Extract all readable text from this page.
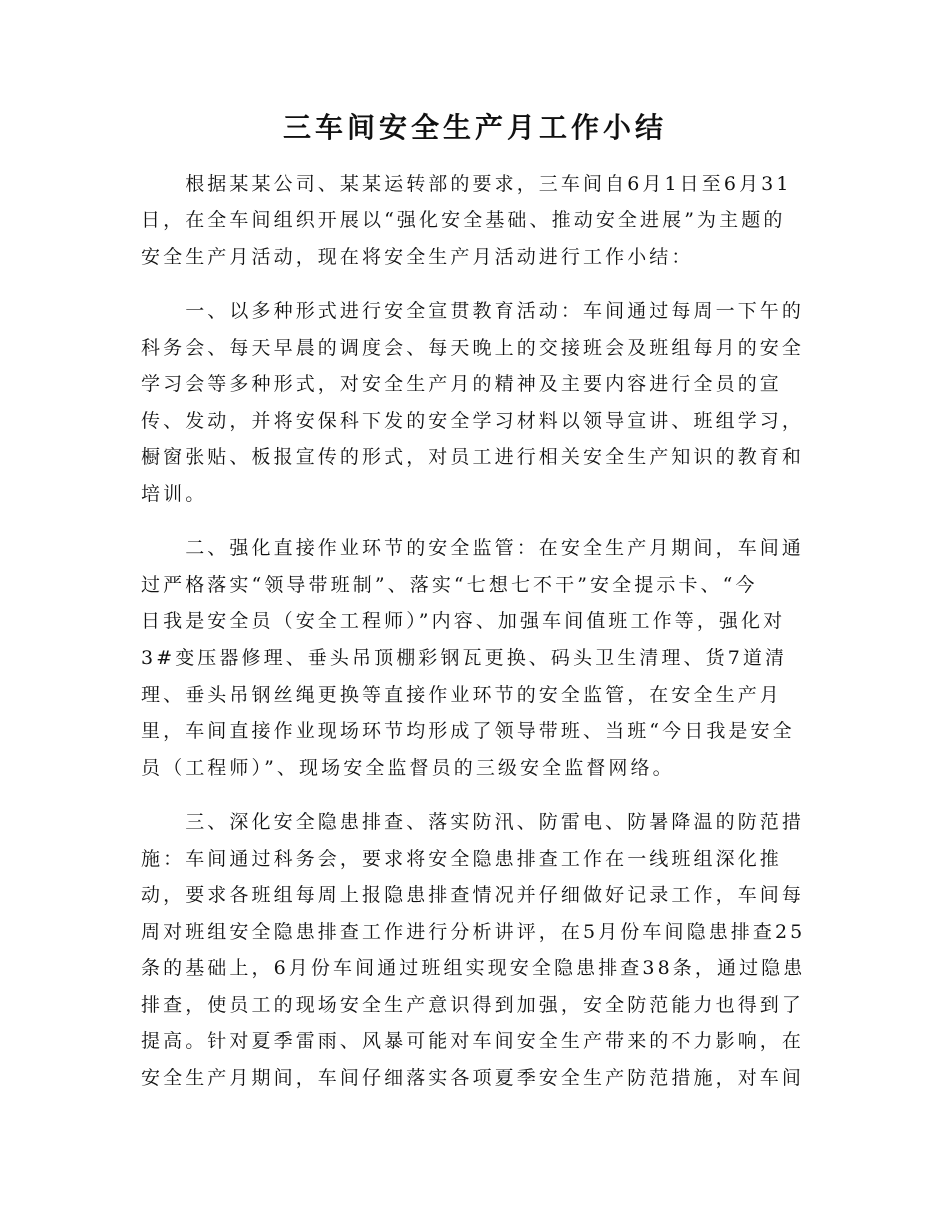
三车间安全生产月工作小结

　　根据某某公司、某某运转部的要求，三车间自6月1日至6月31

日，在全车间组织开展以“强化安全基础、推动安全进展”为主题的

安全生产月活动，现在将安全生产月活动进行工作小结：

　　一、以多种形式进行安全宣贯教育活动：车间通过每周一下午的

科务会、每天早晨的调度会、每天晚上的交接班会及班组每月的安全

学习会等多种形式，对安全生产月的精神及主要内容进行全员的宣

传、发动，并将安保科下发的安全学习材料以领导宣讲、班组学习，

橱窗张贴、板报宣传的形式，对员工进行相关安全生产知识的教育和

培训。

　　二、强化直接作业环节的安全监管：在安全生产月期间，车间通

过严格落实“领导带班制”、落实“七想七不干”安全提示卡、“今

日我是安全员（安全工程师）”内容、加强车间值班工作等，强化对

3#变压器修理、垂头吊顶棚彩钢瓦更换、码头卫生清理、货7道清

理、垂头吊钢丝绳更换等直接作业环节的安全监管，在安全生产月

里，车间直接作业现场环节均形成了领导带班、当班“今日我是安全

员（工程师）”、现场安全监督员的三级安全监督网络。

　　三、深化安全隐患排查、落实防汛、防雷电、防暑降温的防范措

施：车间通过科务会，要求将安全隐患排查工作在一线班组深化推

动，要求各班组每周上报隐患排查情况并仔细做好记录工作，车间每

周对班组安全隐患排查工作进行分析讲评，在5月份车间隐患排查25

条的基础上，6月份车间通过班组实现安全隐患排查38条，通过隐患

排查，使员工的现场安全生产意识得到加强，安全防范能力也得到了

提高。针对夏季雷雨、风暴可能对车间安全生产带来的不力影响，在

安全生产月期间，车间仔细落实各项夏季安全生产防范措施，对车间
